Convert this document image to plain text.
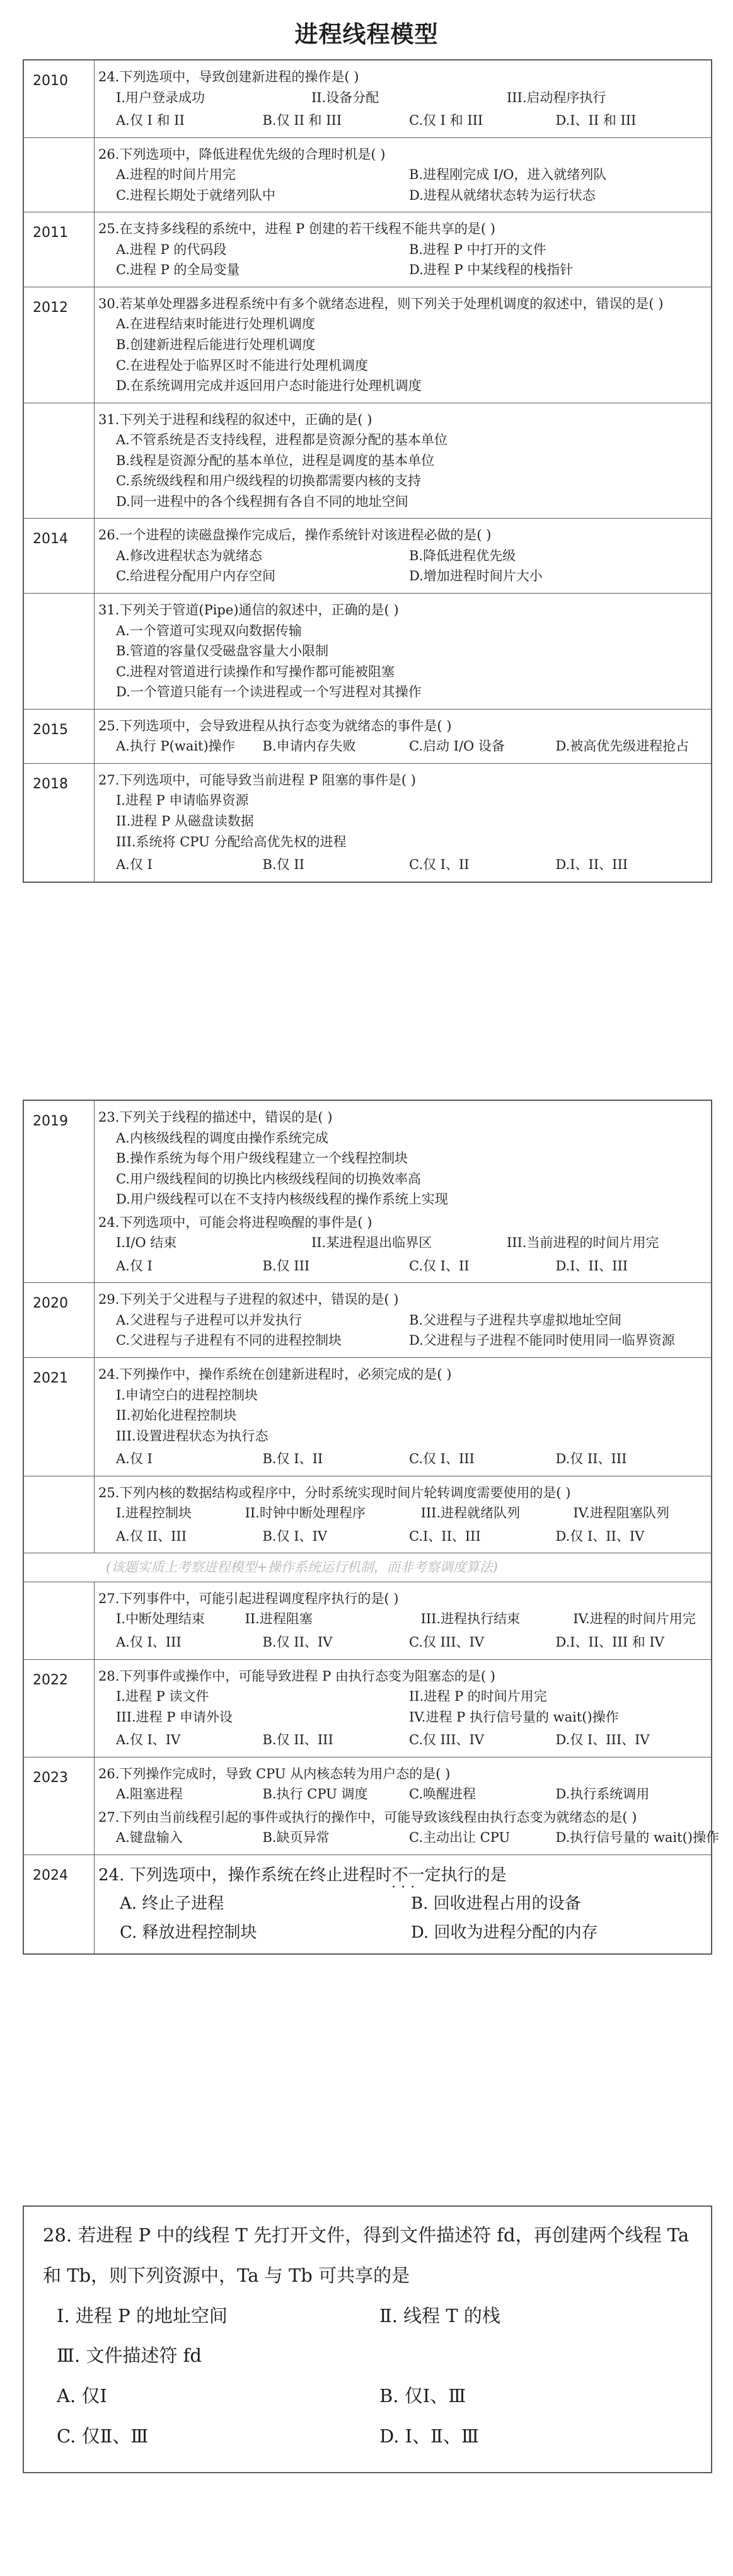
进程线程模型
2010	24.下列选项中，导致创建新进程的操作是( )
I.用户登录成功	II.设备分配	III.启动程序执行
A.仅 I 和 II	B.仅 II 和 III	C.仅 I 和 III	D.I、II 和 III
26.下列选项中，降低进程优先级的合理时机是( )
A.进程的时间片用完	B.进程刚完成 I/O，进入就绪列队
C.进程长期处于就绪列队中	D.进程从就绪状态转为运行状态
2011	25.在支持多线程的系统中，进程 P 创建的若干线程不能共享的是( )
A.进程 P 的代码段	B.进程 P 中打开的文件
C.进程 P 的全局变量	D.进程 P 中某线程的栈指针
2012	30.若某单处理器多进程系统中有多个就绪态进程，则下列关于处理机调度的叙述中，错误的是( )
A.在进程结束时能进行处理机调度
B.创建新进程后能进行处理机调度
C.在进程处于临界区时不能进行处理机调度
D.在系统调用完成并返回用户态时能进行处理机调度
31.下列关于进程和线程的叙述中，正确的是( )
A.不管系统是否支持线程，进程都是资源分配的基本单位
B.线程是资源分配的基本单位，进程是调度的基本单位
C.系统级线程和用户级线程的切换都需要内核的支持
D.同一进程中的各个线程拥有各自不同的地址空间
2014	26.一个进程的读磁盘操作完成后，操作系统针对该进程必做的是( )
A.修改进程状态为就绪态	B.降低进程优先级
C.给进程分配用户内存空间	D.增加进程时间片大小
31.下列关于管道(Pipe)通信的叙述中，正确的是( )
A.一个管道可实现双向数据传输
B.管道的容量仅受磁盘容量大小限制
C.进程对管道进行读操作和写操作都可能被阻塞
D.一个管道只能有一个读进程或一个写进程对其操作
2015	25.下列选项中，会导致进程从执行态变为就绪态的事件是( )
A.执行 P(wait)操作	B.申请内存失败	C.启动 I/O 设备	D.被高优先级进程抢占
2018	27.下列选项中，可能导致当前进程 P 阻塞的事件是( )
I.进程 P 申请临界资源
II.进程 P 从磁盘读数据
III.系统将 CPU 分配给高优先权的进程
A.仅 I	B.仅 II	C.仅 I、II	D.I、II、III
2019	23.下列关于线程的描述中，错误的是( )
A.内核级线程的调度由操作系统完成
B.操作系统为每个用户级线程建立一个线程控制块
C.用户级线程间的切换比内核级线程间的切换效率高
D.用户级线程可以在不支持内核级线程的操作系统上实现
24.下列选项中，可能会将进程唤醒的事件是( )
I.I/O 结束	II.某进程退出临界区	III.当前进程的时间片用完
A.仅 I	B.仅 III	C.仅 I、II	D.I、II、III
2020	29.下列关于父进程与子进程的叙述中，错误的是( )
A.父进程与子进程可以并发执行	B.父进程与子进程共享虚拟地址空间
C.父进程与子进程有不同的进程控制块	D.父进程与子进程不能同时使用同一临界资源
2021	24.下列操作中，操作系统在创建新进程时，必须完成的是( )
I.申请空白的进程控制块
II.初始化进程控制块
III.设置进程状态为执行态
A.仅 I	B.仅 I、II	C.仅 I、III	D.仅 II、III
25.下列内核的数据结构或程序中，分时系统实现时间片轮转调度需要使用的是( )
I.进程控制块	II.时钟中断处理程序	III.进程就绪队列	IV.进程阻塞队列
A.仅 II、III	B.仅 I、IV	C.I、II、III	D.仅 I、II、IV
(该题实质上考察进程模型+操作系统运行机制，而非考察调度算法)
27.下列事件中，可能引起进程调度程序执行的是( )
I.中断处理结束	II.进程阻塞	III.进程执行结束	IV.进程的时间片用完
A.仅 I、III	B.仅 II、IV	C.仅 III、IV	D.I、II、III 和 IV
2022	28.下列事件或操作中，可能导致进程 P 由执行态变为阻塞态的是( )
I.进程 P 读文件	II.进程 P 的时间片用完
III.进程 P 申请外设	IV.进程 P 执行信号量的 wait()操作
A.仅 I、IV	B.仅 II、III	C.仅 III、IV	D.仅 I、III、IV
2023	26.下列操作完成时，导致 CPU 从内核态转为用户态的是( )
A.阻塞进程	B.执行 CPU 调度	C.唤醒进程	D.执行系统调用
27.下列由当前线程引起的事件或执行的操作中，可能导致该线程由执行态变为就绪态的是( )
A.键盘输入	B.缺页异常	C.主动出让 CPU	D.执行信号量的 wait()操作
2024	24. 下列选项中，操作系统在终止进程时不一定 • • •执行的是
A. 终止子进程	B. 回收进程占用的设备
C. 释放进程控制块	D. 回收为进程分配的内存
28. 若进程 P 中的线程 T 先打开文件，得到文件描述符 fd，再创建两个线程 Ta 和 Tb，则下列资源中，Ta 与 Tb 可共享的是
Ⅰ. 进程 P 的地址空间	Ⅱ. 线程 T 的栈
Ⅲ. 文件描述符 fd
A. 仅Ⅰ	B. 仅Ⅰ、Ⅲ
C. 仅Ⅱ、Ⅲ	D. Ⅰ、Ⅱ、Ⅲ
